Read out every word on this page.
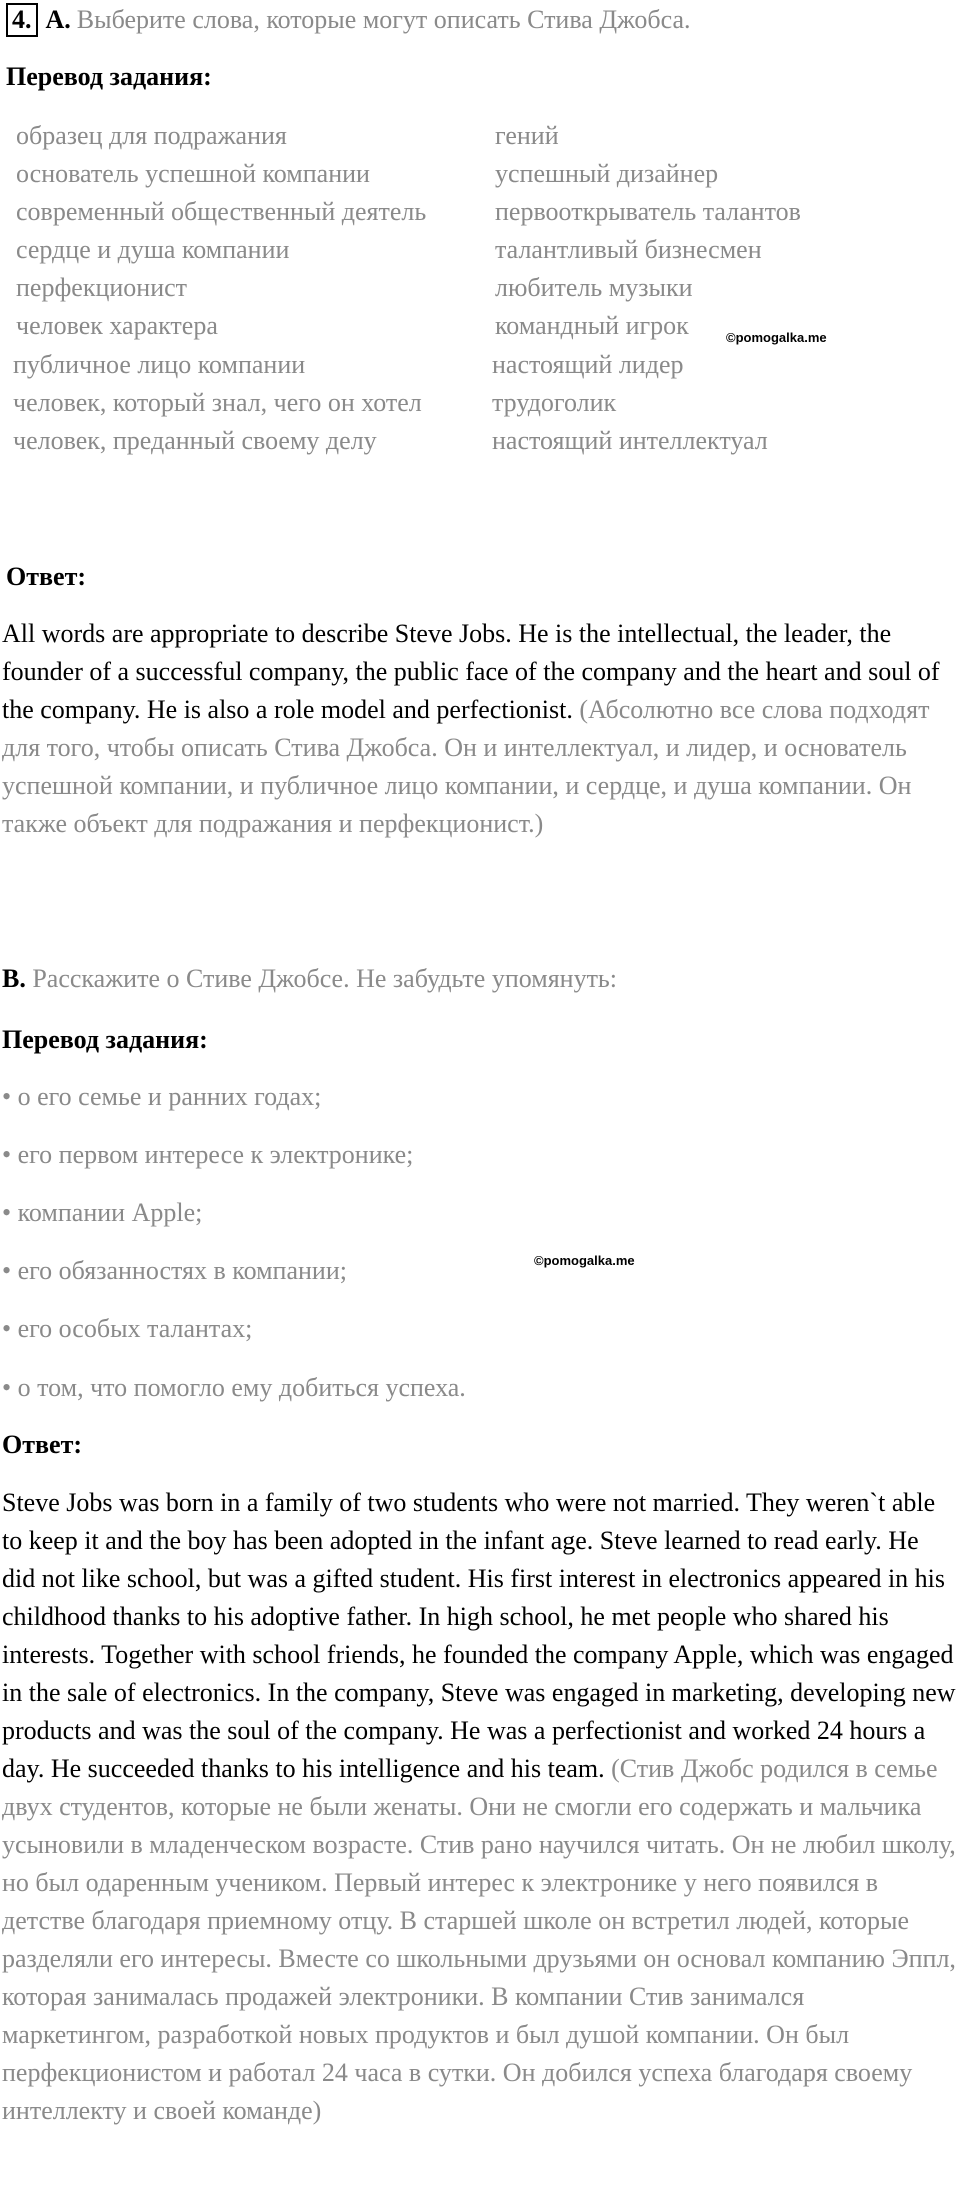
4. A. Выберите слова, которые могут описать Стива Джобса.
Перевод задания:
образец для подражания
основатель успешной компании
современный общественный деятель
сердце и душа компании
перфекционист
человек характера
публичное лицо компании
человек, который знал, чего он хотел
человек, преданный своему делу
гений
успешный дизайнер
первооткрыватель талантов
талантливый бизнесмен
любитель музыки
командный игрок
настоящий лидер
трудоголик
настоящий интеллектуал
©pomogalka.me
Ответ:

All words are appropriate to describe Steve Jobs. He is the intellectual, the leader, the founder of a successful company, the public face of the company and the heart and soul of the company. He is also a role model and perfectionist. (Абсолютно все слова подходят для того, чтобы описать Стива Джобса. Он и интеллектуал, и лидер, и основатель успешной компании, и публичное лицо компании, и сердце, и душа компании. Он также объект для подражания и перфекционист.)

B. Расскажите о Стиве Джобсе. Не забудьте упомянуть:
Перевод задания:
• о его семье и ранних годах;
• его первом интересе к электронике;
• компании Apple;
• его обязанностях в компании;
• его особых талантах;
• о том, что помогло ему добиться успеха.
©pomogalka.me
Ответ:

Steve Jobs was born in a family of two students who were not married. They weren`t able to keep it and the boy has been adopted in the infant age. Steve learned to read early. He did not like school, but was a gifted student. His first interest in electronics appeared in his childhood thanks to his adoptive father. In high school, he met people who shared his interests. Together with school friends, he founded the company Apple, which was engaged in the sale of electronics. In the company, Steve was engaged in marketing, developing new products and was the soul of the company. He was a perfectionist and worked 24 hours a day. He succeeded thanks to his intelligence and his team. (Стив Джобс родился в семье двух студентов, которые не были женаты. Они не смогли его содержать и мальчика усыновили в младенческом возрасте. Стив рано научился читать. Он не любил школу, но был одаренным учеником. Первый интерес к электронике у него появился в детстве благодаря приемному отцу. В старшей школе он встретил людей, которые разделяли его интересы. Вместе со школьными друзьями он основал компанию Эппл, которая занималась продажей электроники. В компании Стив занимался маркетингом, разработкой новых продуктов и был душой компании. Он был перфекционистом и работал 24 часа в сутки. Он добился успеха благодаря своему интеллекту и своей команде)
